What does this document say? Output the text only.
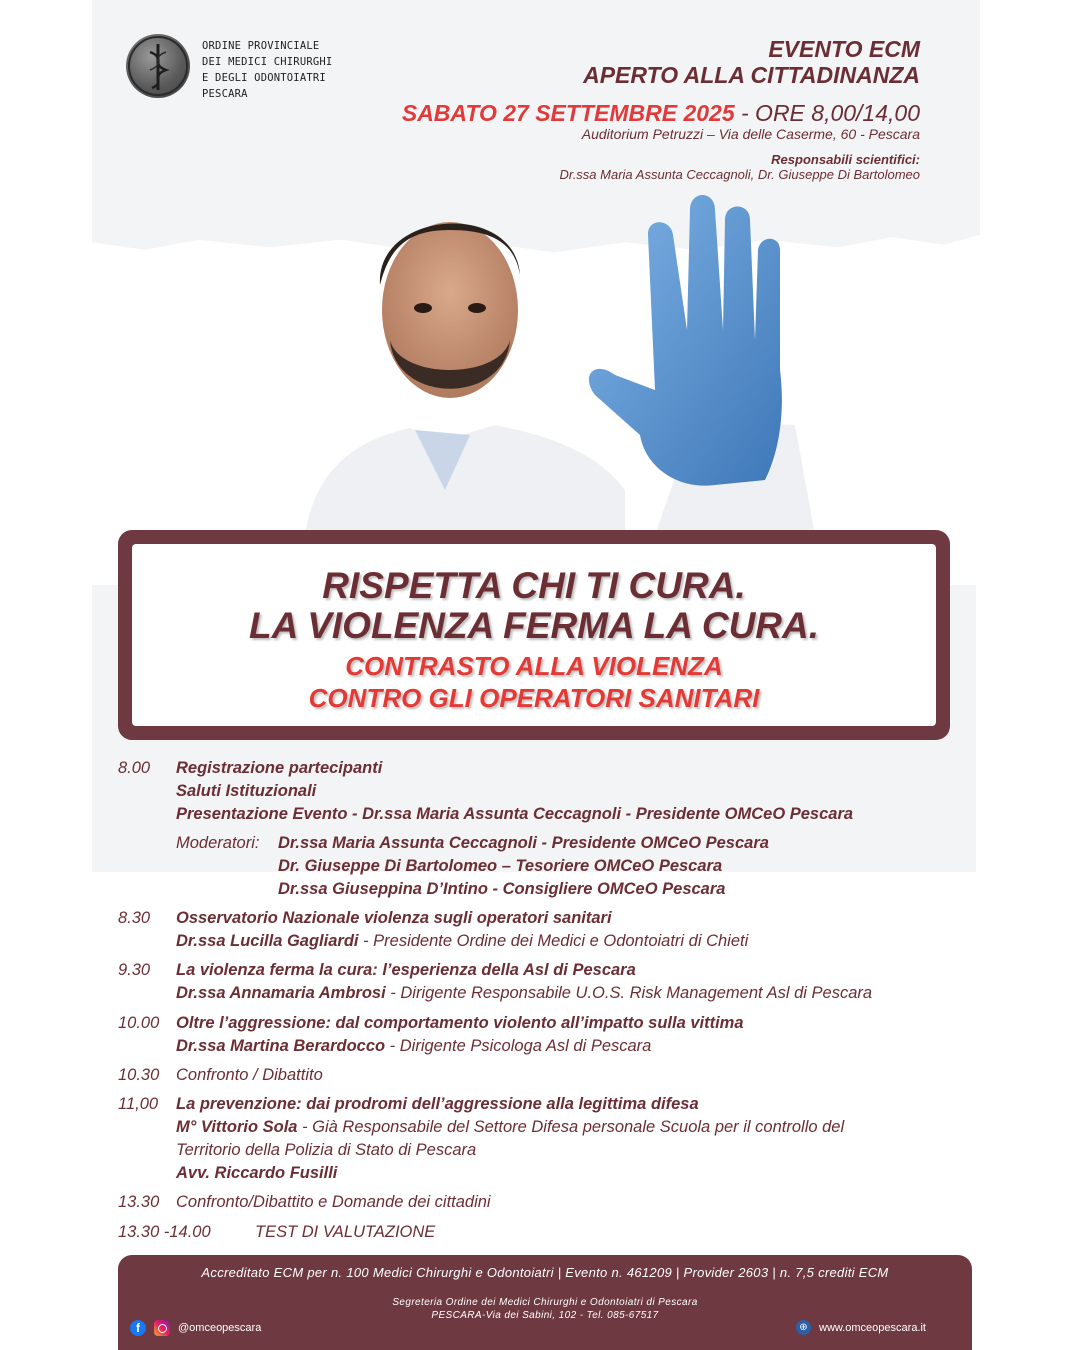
ORDINE PROVINCIALE
DEI MEDICI CHIRURGHI
E DEGLI ODONTOIATRI
PESCARA
EVENTO ECM
APERTO ALLA CITTADINANZA
SABATO 27 SETTEMBRE 2025 - ORE 8,00/14,00
Auditorium Petruzzi – Via delle Caserme, 60 - Pescara
Responsabili scientifici:
Dr.ssa Maria Assunta Ceccagnoli, Dr. Giuseppe Di Bartolomeo
RISPETTA CHI TI CURA.
LA VIOLENZA FERMA LA CURA.
CONTRASTO ALLA VIOLENZA
CONTRO GLI OPERATORI SANITARI
8.00 Registrazione partecipanti
Saluti Istituzionali
Presentazione Evento - Dr.ssa Maria Assunta Ceccagnoli - Presidente OMCeO Pescara
Moderatori: Dr.ssa Maria Assunta Ceccagnoli - Presidente OMCeO Pescara
Dr. Giuseppe Di Bartolomeo – Tesoriere OMCeO Pescara
Dr.ssa Giuseppina D’Intino - Consigliere OMCeO Pescara
8.30 Osservatorio Nazionale violenza sugli operatori sanitari
Dr.ssa Lucilla Gagliardi - Presidente Ordine dei Medici e Odontoiatri di Chieti
9.30 La violenza ferma la cura: l’esperienza della Asl di Pescara
Dr.ssa Annamaria Ambrosi - Dirigente Responsabile U.O.S. Risk Management Asl di Pescara
10.00 Oltre l’aggressione: dal comportamento violento all’impatto sulla vittima
Dr.ssa Martina Berardocco - Dirigente Psicologa Asl di Pescara
10.30 Confronto / Dibattito
11,00 La prevenzione: dai prodromi dell’aggressione alla legittima difesa
M° Vittorio Sola - Già Responsabile del Settore Difesa personale Scuola per il controllo del
Territorio della Polizia di Stato di Pescara
Avv. Riccardo Fusilli
13.30 Confronto/Dibattito e Domande dei cittadini
13.30 -14.00	TEST DI VALUTAZIONE
Accreditato ECM per n. 100 Medici Chirurghi e Odontoiatri | Evento n. 461209 | Provider 2603 | n. 7,5 crediti ECM
Segreteria Ordine dei Medici Chirurghi e Odontoiatri di Pescara
PESCARA-Via dei Sabini, 102 - Tel. 085-67517
f	@omceopescara	⊕	www.omceopescara.it
